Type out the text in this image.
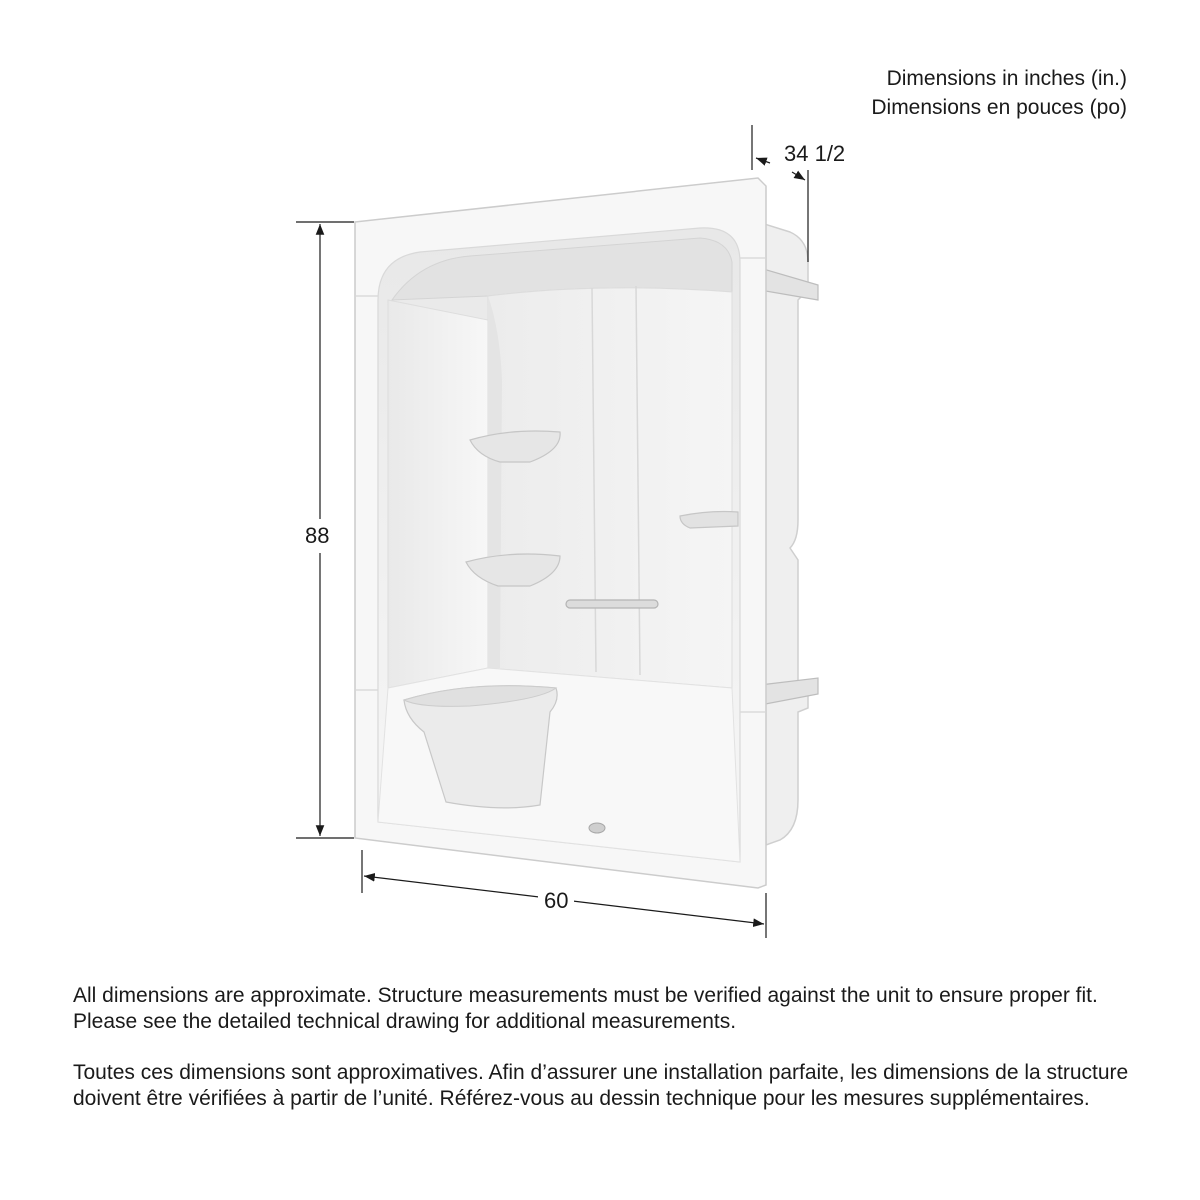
Dimensions in inches (in.)
Dimensions en pouces (po)
88
60
34 1/2

All dimensions are approximate. Structure measurements must be verified against the unit to ensure proper fit. Please see the detailed technical drawing for additional measurements.

Toutes ces dimensions sont approximatives. Afin d’assurer une installation parfaite, les dimensions de la structure doivent être vérifiées à partir de l’unité. Référez-vous au dessin technique pour les mesures supplémentaires.
